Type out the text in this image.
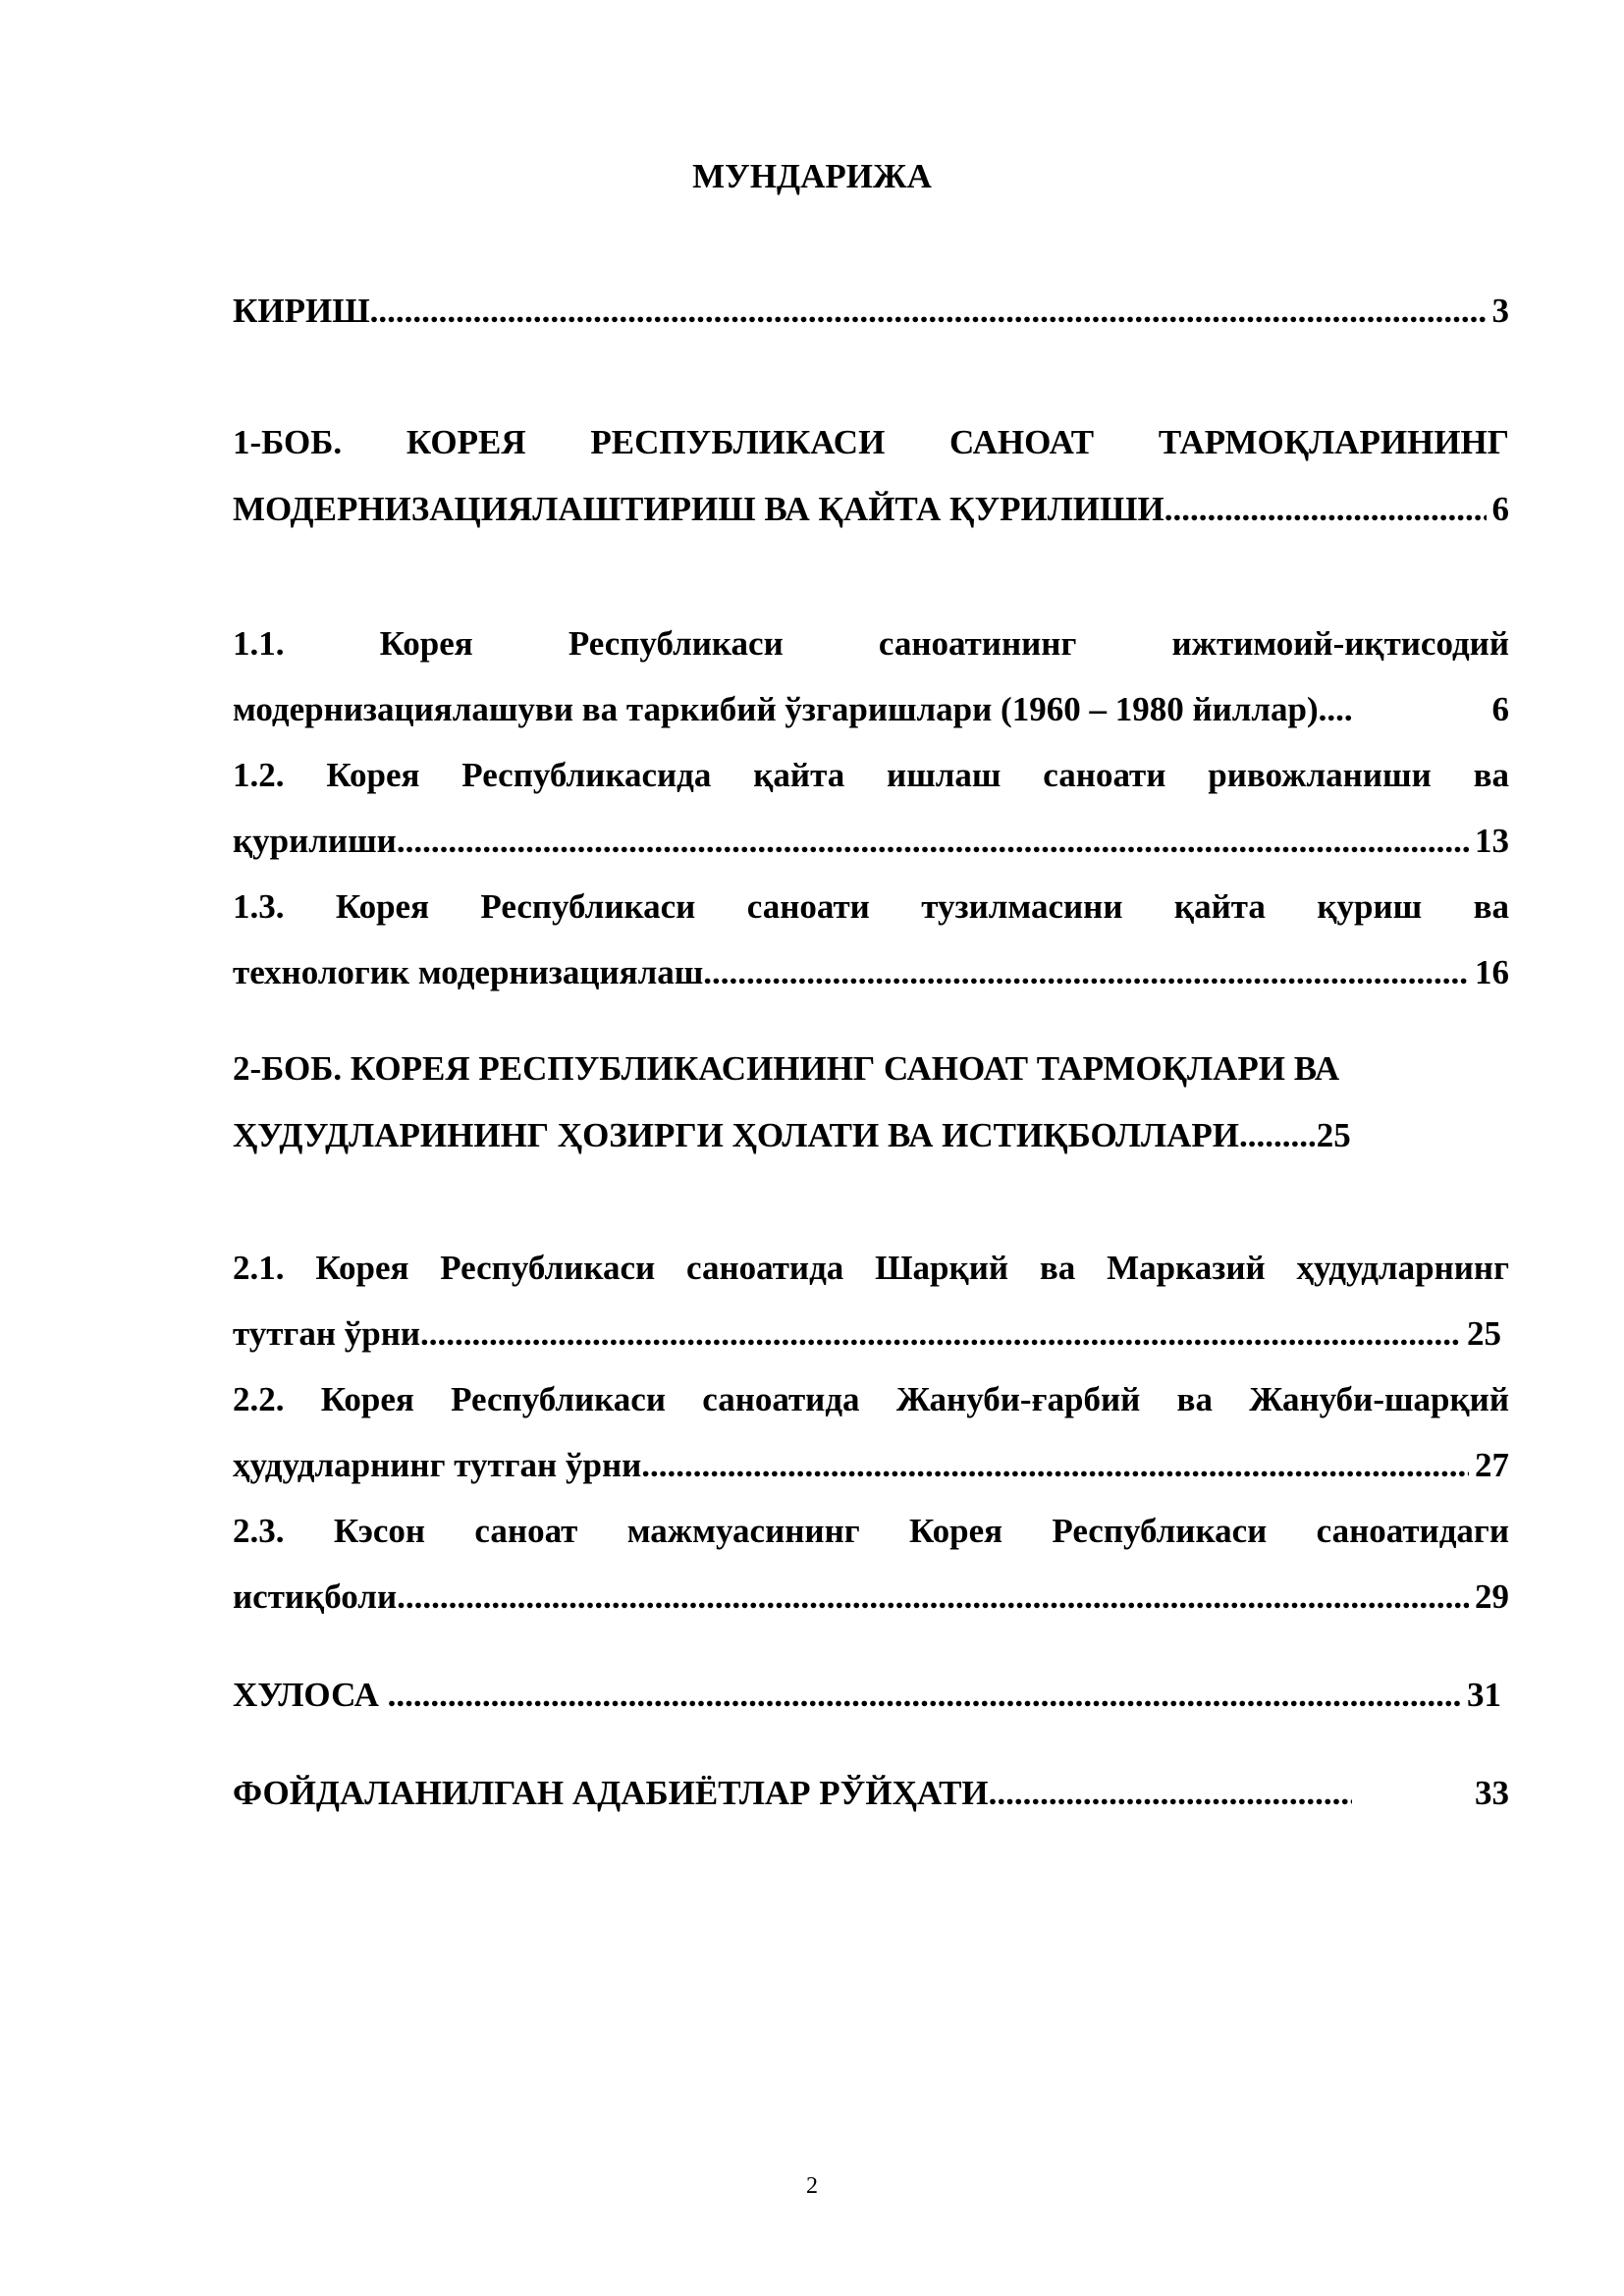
МУНДАРИЖА
КИРИШ .....	3
1-БОБ. КОРЕЯ РЕСПУБЛИКАСИ САНОАТ ТАРМОҚЛАРИНИНГ
МОДЕРНИЗАЦИЯЛАШТИРИШ ВА ҚАЙТА ҚУРИЛИШИ .....	6
1.1. Корея Республикаси саноатининг ижтимоий-иқтисодий
модернизациялашуви ва таркибий ўзгаришлари (1960 – 1980 йиллар)....	6
1.2. Корея Республикасида қайта ишлаш саноати ривожланиши ва
қурилиши .....	13
1.3. Корея Республикаси саноати тузилмасини қайта қуриш ва
технологик модернизациялаш .....	16
2-БОБ. КОРЕЯ РЕСПУБЛИКАСИНИНГ САНОАТ ТАРМОҚЛАРИ ВА
ҲУДУДЛАРИНИНГ ҲОЗИРГИ ҲОЛАТИ ВА ИСТИҚБОЛЛАРИ.........25
2.1. Корея Республикаси саноатида Шарқий ва Марказий ҳудудларнинг
тутган ўрни .....	25
2.2. Корея Республикаси саноатида Жануби-ғарбий ва Жануби-шарқий
ҳудудларнинг тутган ўрни .....	27
2.3. Кэсон саноат мажмуасининг Корея Республикаси саноатидаги
истиқболи .....	29
ХУЛОСА .....	31
ФОЙДАЛАНИЛГАН АДАБИЁТЛАР РЎЙҲАТИ .....	33
2
